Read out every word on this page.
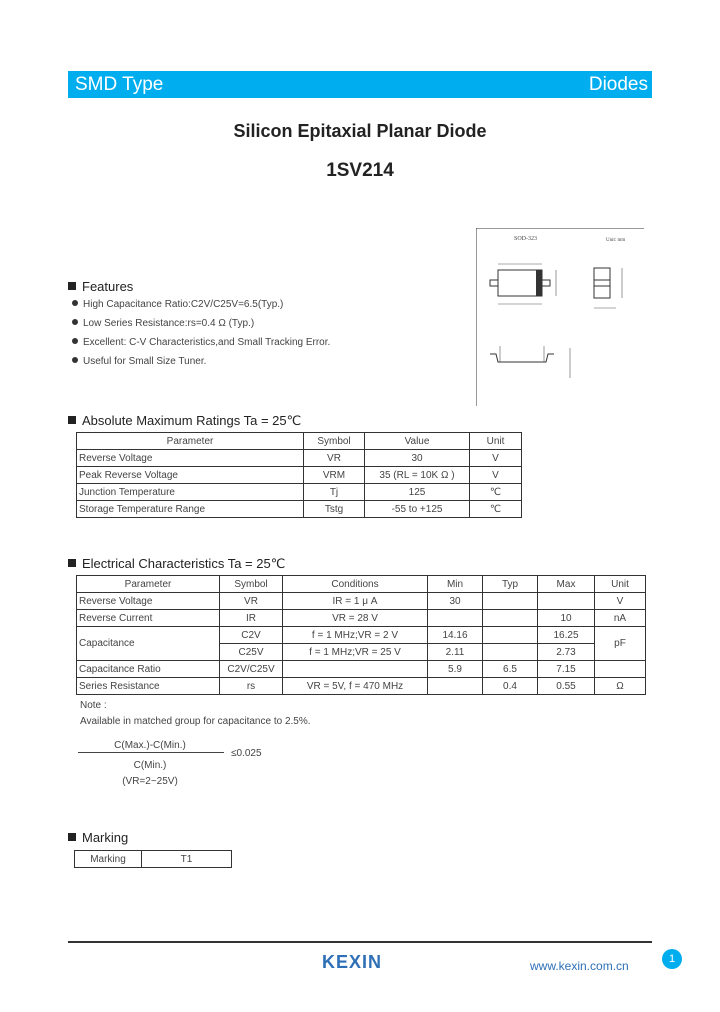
SMD Type	Diodes
Silicon Epitaxial Planar Diode
1SV214
SOD-323	Unit: mm
Features
High Capacitance Ratio:C2V/C25V=6.5(Typ.)
Low Series Resistance:rs=0.4 Ω (Typ.)
Excellent: C-V Characteristics,and Small Tracking Error.
Useful for Small Size Tuner.
Absolute Maximum Ratings Ta = 25℃
Parameter	Symbol	Value	Unit
Reverse Voltage	VR	30	V
Peak Reverse Voltage	VRM	35 (RL = 10K Ω )	V
Junction Temperature	Tj	125	℃
Storage Temperature Range	Tstg	-55 to +125	℃
Electrical Characteristics Ta = 25℃
Parameter	Symbol	Conditions	Min	Typ	Max	Unit
Reverse Voltage	VR	IR = 1 μ A	30			V
Reverse Current	IR	VR = 28 V			10	nA
Capacitance	C2V	f = 1 MHz;VR = 2 V	14.16		16.25	pF
	C25V	f = 1 MHz;VR = 25 V	2.11		2.73	
Capacitance Ratio	C2V/C25V		5.9	6.5	7.15	
Series Resistance	rs	VR = 5V, f = 470 MHz		0.4	0.55	Ω
Note :
Available in matched group for capacitance to 2.5%.
C(Max.)-C(Min.)
C(Min.)
(VR=2~25V)
≤0.025
Marking
Marking	T1
KEXIN	www.kexin.com.cn	1
